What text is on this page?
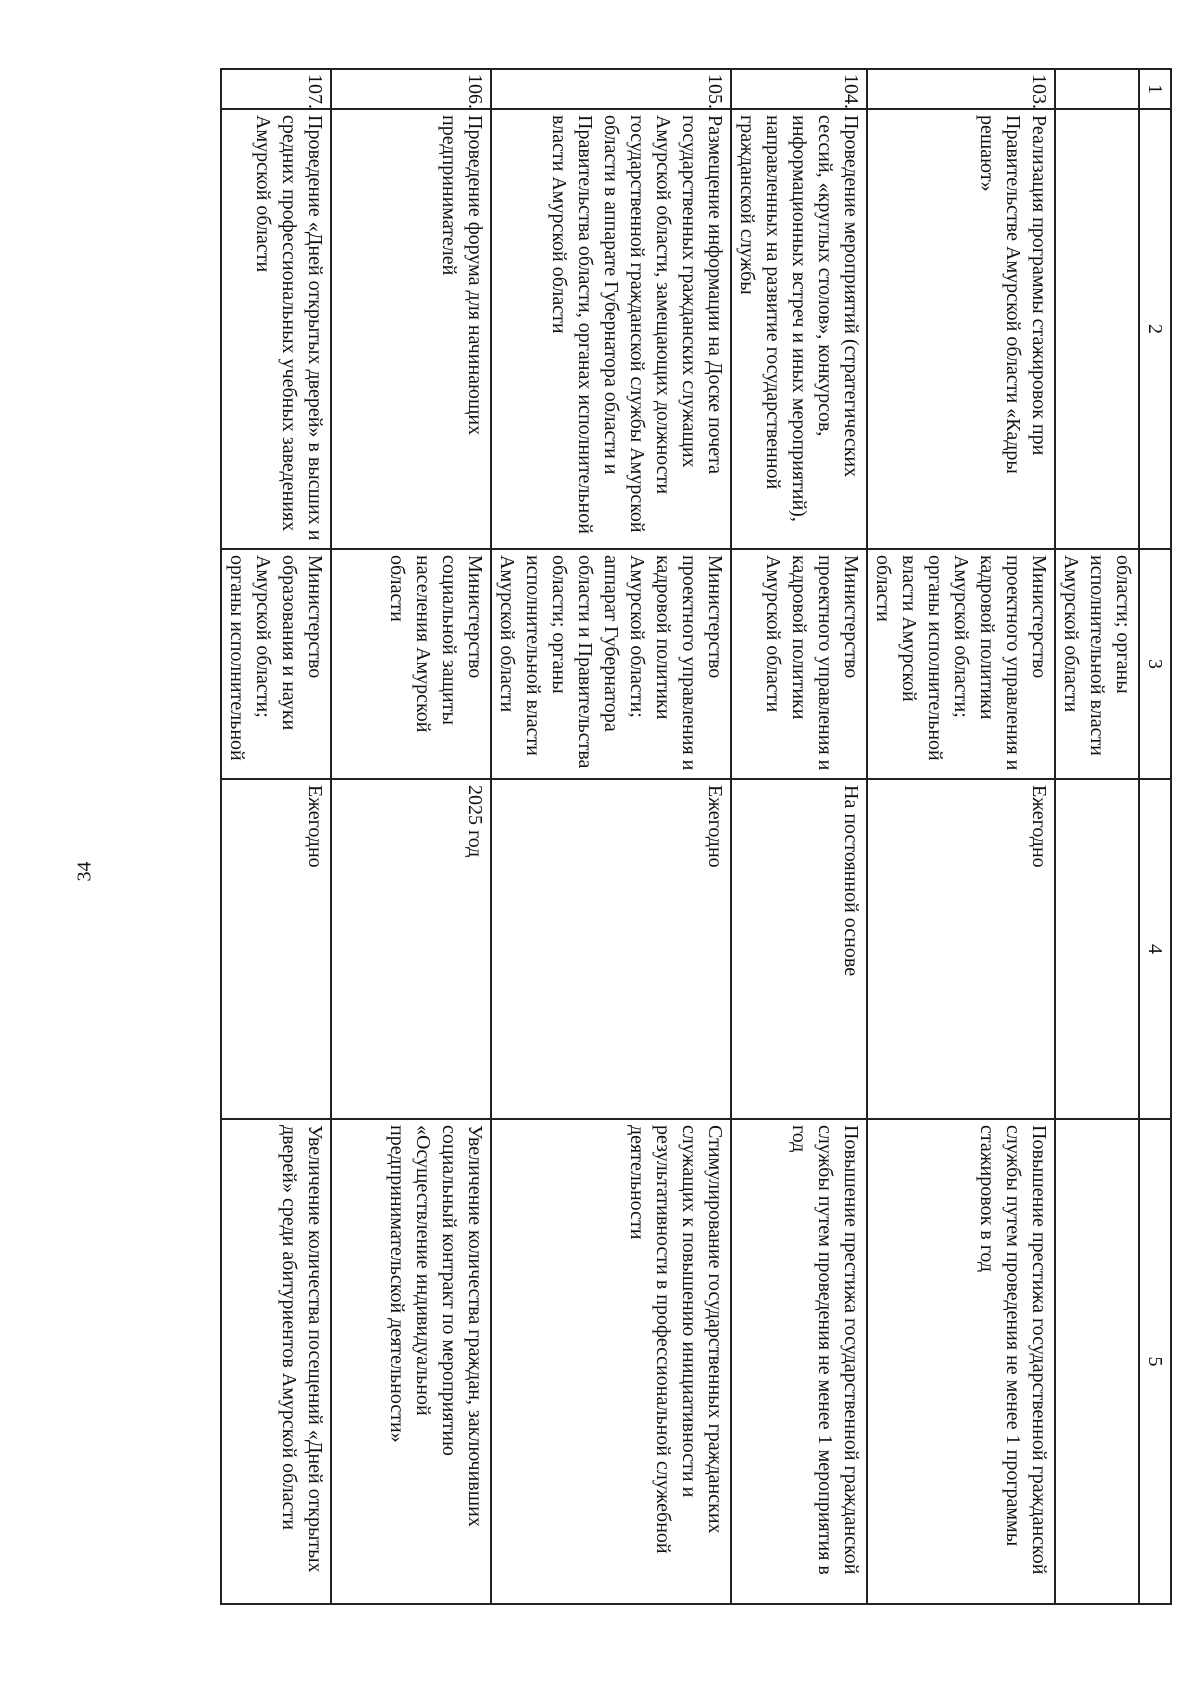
34
1	2	3	4	5
		области; органы исполнительной власти Амурской области		
103.	Реализация программы стажировок при Правительстве Амурской области «Кадры решают»	Министерство проектного управления и кадровой политики Амурской области; органы исполнительной власти Амурской области	Ежегодно	Повышение престижа государственной гражданской службы путем проведения не менее 1 программы стажировок в год
104.	Проведение мероприятий (стратегических сессий, «круглых столов», конкурсов, информационных встреч и иных мероприятий), направленных на развитие государственной гражданской службы	Министерство проектного управления и кадровой политики Амурской области	На постоянной основе	Повышение престижа государственной гражданской службы путем проведения не менее 1 мероприятия в год
105.	Размещение информации на Доске почета государственных гражданских служащих Амурской области, замещающих должности государственной гражданской службы Амурской области в аппарате Губернатора области и Правительства области, органах исполнительной власти Амурской области	Министерство проектного управления и кадровой политики Амурской области; аппарат Губернатора области и Правительства области; органы исполнительной власти Амурской области	Ежегодно	Стимулирование государственных гражданских служащих к повышению инициативности и результативности в профессиональной служебной деятельности
106.	Проведение форума для начинающих предпринимателей	Министерство социальной защиты населения Амурской области	2025 год	Увеличение количества граждан, заключивших социальный контракт по мероприятию «Осуществление индивидуальной предпринимательской деятельности»
107.	Проведение «Дней открытых дверей» в высших и средних профессиональных учебных заведениях Амурской области	Министерство образования и науки Амурской области; органы исполнительной	Ежегодно	Увеличение количества посещений «Дней открытых дверей» среди абитуриентов Амурской области
